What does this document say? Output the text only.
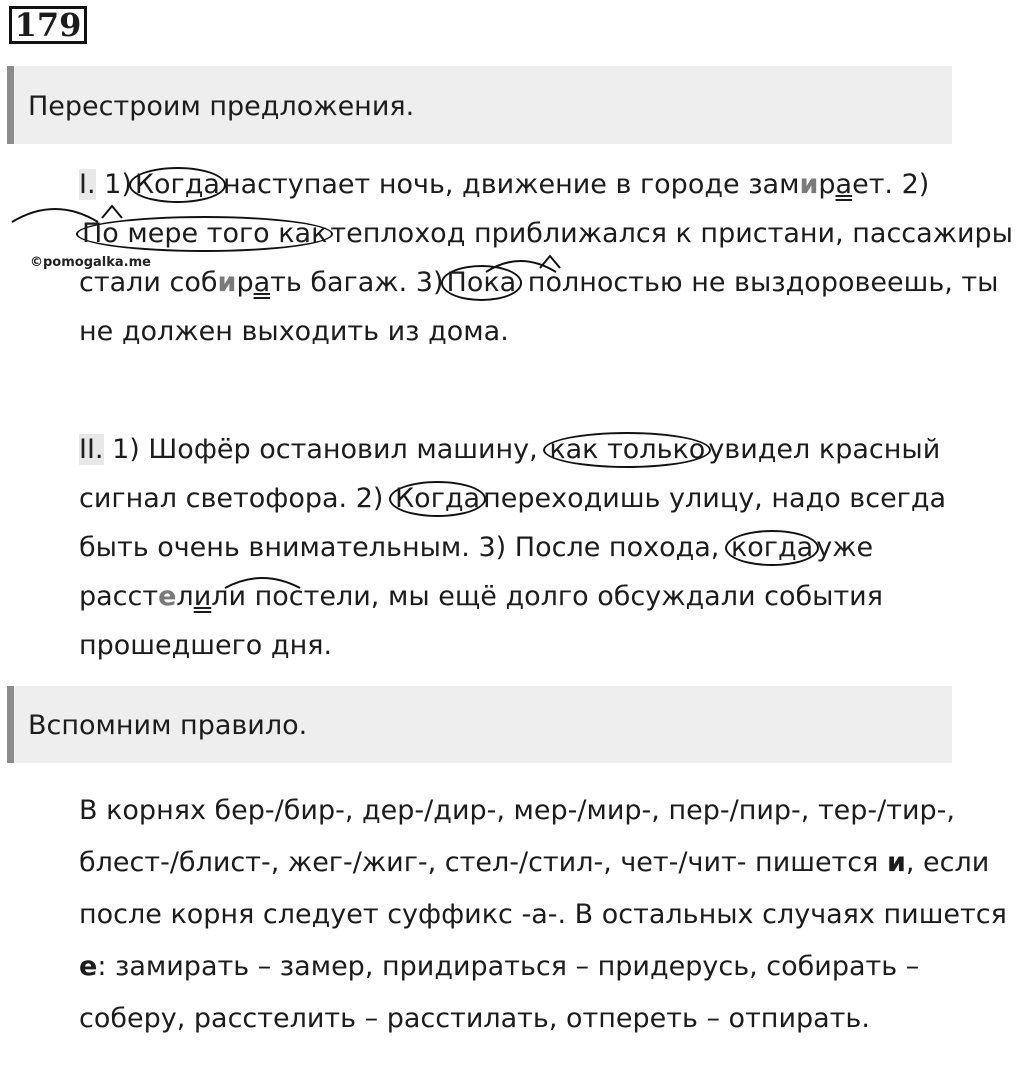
179
Перестроим предложения.

I. 1) Когда наступает ночь, движение в городе замирает. 2)По мере того как теплоход приближался к пристани, пассажиры стали собирать багаж. 3) Пока полностью не выздоровеешь, ты не должен выходить из дома.

©pomogalka.me

II. 1) Шофёр остановил машину, как только увидел красный сигнал светофора. 2) Когда переходишь улицу, надо всегда быть очень внимательным. 3) После похода, когда уже расстелили постели, мы ещё долго обсуждали события прошедшего дня.

Вспомним правило.

В корнях бер-/бир-, дер-/дир-, мер-/мир-, пер-/пир-, тер-/тир-, блест-/блист-, жег-/жиг-, стел-/стил-, чет-/чит- пишется и, если после корня следует суффикс -а-. В остальных случаях пишется е: замирать – замер, придираться – придерусь, собирать – соберу, расстелить – расстилать, отпереть – отпирать.
